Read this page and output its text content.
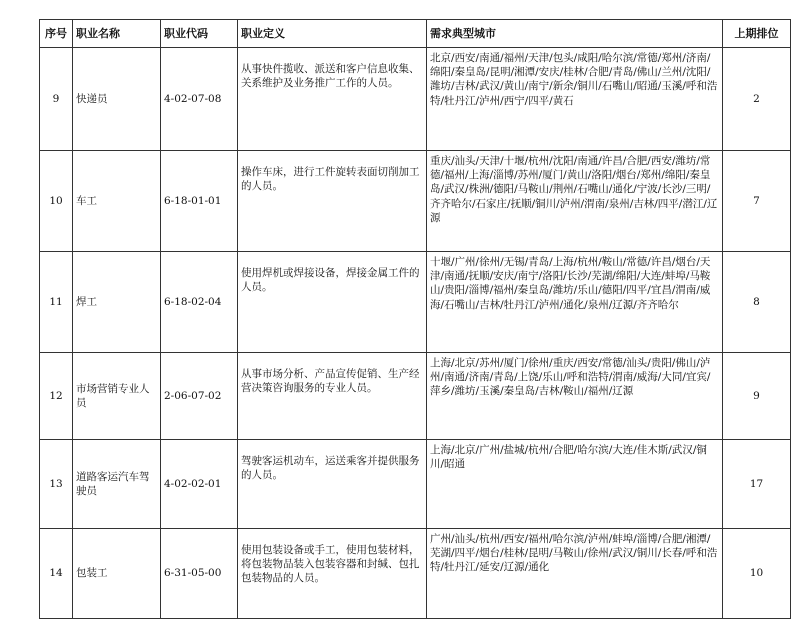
序号	职业名称	职业代码	职业定义	需求典型城市	上期排位
9	快递员	4-02-07-08	从事快件揽收、派送和客户信息收集、关系维护及业务推广工作的人员。	北京/西安/南通/福州/天津/包头/咸阳/哈尔滨/常德/郑州/济南/绵阳/秦皇岛/昆明/湘潭/安庆/桂林/合肥/青岛/佛山/兰州/沈阳/潍坊/吉林/武汉/黄山/南宁/新余/铜川/石嘴山/昭通/玉溪/呼和浩特/牡丹江/泸州/西宁/四平/黄石	2
10	车工	6-18-01-01	操作车床，进行工件旋转表面切削加工的人员。	重庆/汕头/天津/十堰/杭州/沈阳/南通/许昌/合肥/西安/潍坊/常德/福州/上海/淄博/苏州/厦门/黄山/洛阳/烟台/郑州/绵阳/秦皇岛/武汉/株洲/德阳/马鞍山/荆州/石嘴山/通化/宁波/长沙/三明/齐齐哈尔/石家庄/抚顺/铜川/泸州/渭南/泉州/吉林/四平/潜江/辽源	7
11	焊工	6-18-02-04	使用焊机或焊接设备，焊接金属工件的人员。	十堰/广州/徐州/无锡/青岛/上海/杭州/鞍山/常德/许昌/烟台/天津/南通/抚顺/安庆/南宁/洛阳/长沙/芜湖/绵阳/大连/蚌埠/马鞍山/贵阳/淄博/福州/秦皇岛/潍坊/乐山/德阳/四平/宜昌/渭南/威海/石嘴山/吉林/牡丹江/泸州/通化/泉州/辽源/齐齐哈尔	8
12	市场营销专业人员	2-06-07-02	从事市场分析、产品宣传促销、生产经营决策咨询服务的专业人员。	上海/北京/苏州/厦门/徐州/重庆/西安/常德/汕头/贵阳/佛山/泸州/南通/济南/青岛/上饶/乐山/呼和浩特/渭南/威海/大同/宜宾/萍乡/潍坊/玉溪/秦皇岛/吉林/鞍山/福州/辽源	9
13	道路客运汽车驾驶员	4-02-02-01	驾驶客运机动车，运送乘客并提供服务的人员。	上海/北京/广州/盐城/杭州/合肥/哈尔滨/大连/佳木斯/武汉/铜川/昭通	17
14	包装工	6-31-05-00	使用包装设备或手工，使用包装材料，将包装物品装入包装容器和封缄、包扎包装物品的人员。	广州/汕头/杭州/西安/福州/哈尔滨/泸州/蚌埠/淄博/合肥/湘潭/芜湖/四平/烟台/桂林/昆明/马鞍山/徐州/武汉/铜川/长春/呼和浩特/牡丹江/延安/辽源/通化	10
